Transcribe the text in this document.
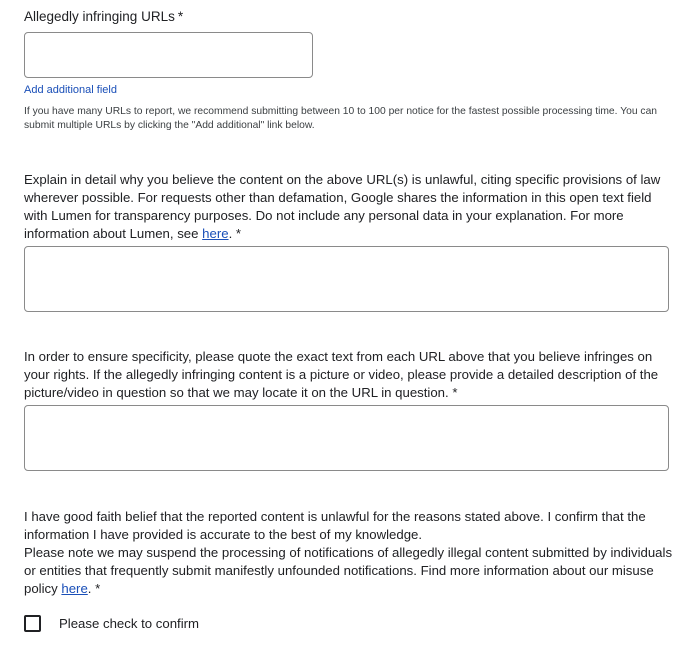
Allegedly infringing URLs *
Add additional field
If you have many URLs to report, we recommend submitting between 10 to 100 per notice for the fastest possible processing time. You can submit multiple URLs by clicking the "Add additional" link below.
Explain in detail why you believe the content on the above URL(s) is unlawful, citing specific provisions of law wherever possible. For requests other than defamation, Google shares the information in this open text field with Lumen for transparency purposes. Do not include any personal data in your explanation. For more information about Lumen, see here. *
In order to ensure specificity, please quote the exact text from each URL above that you believe infringes on your rights. If the allegedly infringing content is a picture or video, please provide a detailed description of the picture/video in question so that we may locate it on the URL in question. *
I have good faith belief that the reported content is unlawful for the reasons stated above. I confirm that the information I have provided is accurate to the best of my knowledge.
Please note we may suspend the processing of notifications of allegedly illegal content submitted by individuals or entities that frequently submit manifestly unfounded notifications. Find more information about our misuse policy here. *
Please check to confirm
